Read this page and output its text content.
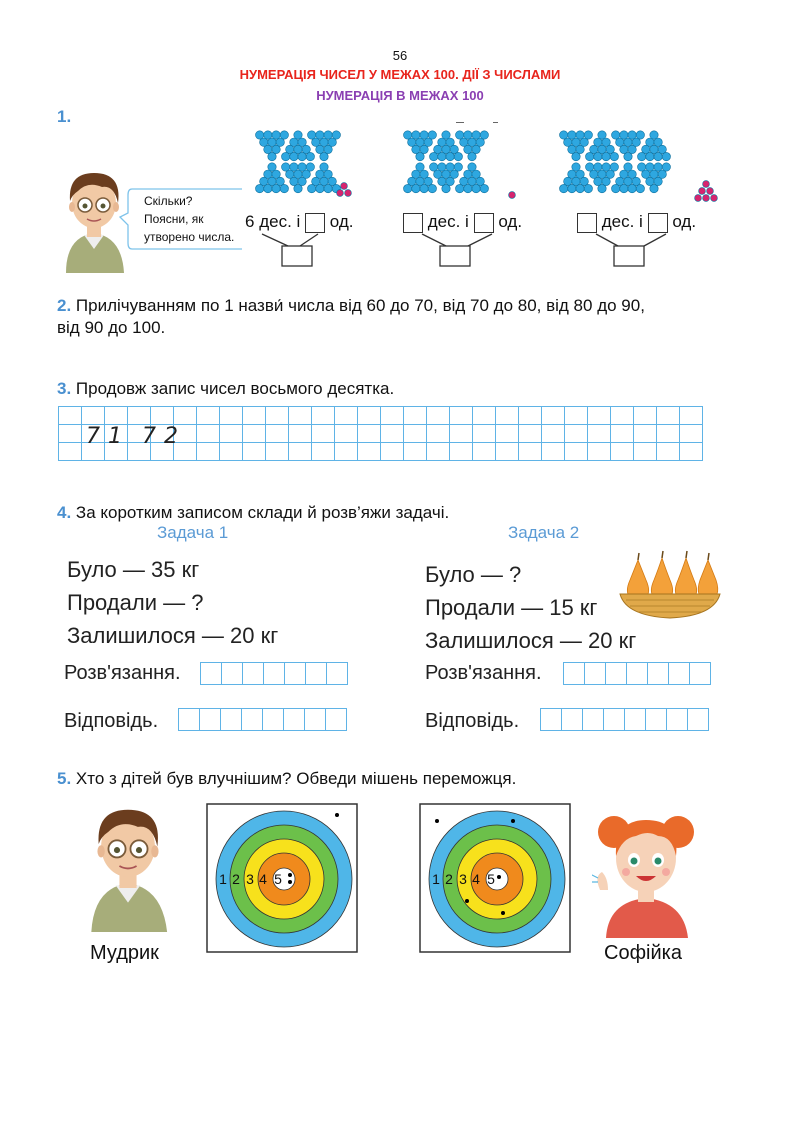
56
НУМЕРАЦІЯ ЧИСЕЛ У МЕЖАХ 100. ДІЇ З ЧИСЛАМИ
НУМЕРАЦІЯ В МЕЖАХ 100
1.
Скільки?
Поясни, як
утворено числа.
6 дес. і од.	дес. і од.	дес. і од.
2. Прилічуванням по 1 назви́ числа від 60 до 70, від 70 до 80, від 80 до 90,
від 90 до 100.
3. Продовж запис чисел восьмого десятка.

71 72
4. За коротким записом склади й розв’яжи задачі.
Задача 1	Задача 2
Було — 35 кг
Продали — ?
Залишилося — 20 кг
Було — ?
Продали — 15 кг
Залишилося — 20 кг
Розв'язання.

Відповідь.

Розв'язання.

Відповідь.

5. Хто з дітей був влучнішим? Обведи мішень переможця.
Мудрик
1 2 3 4 5	1 2 3 4 5
Софійка
